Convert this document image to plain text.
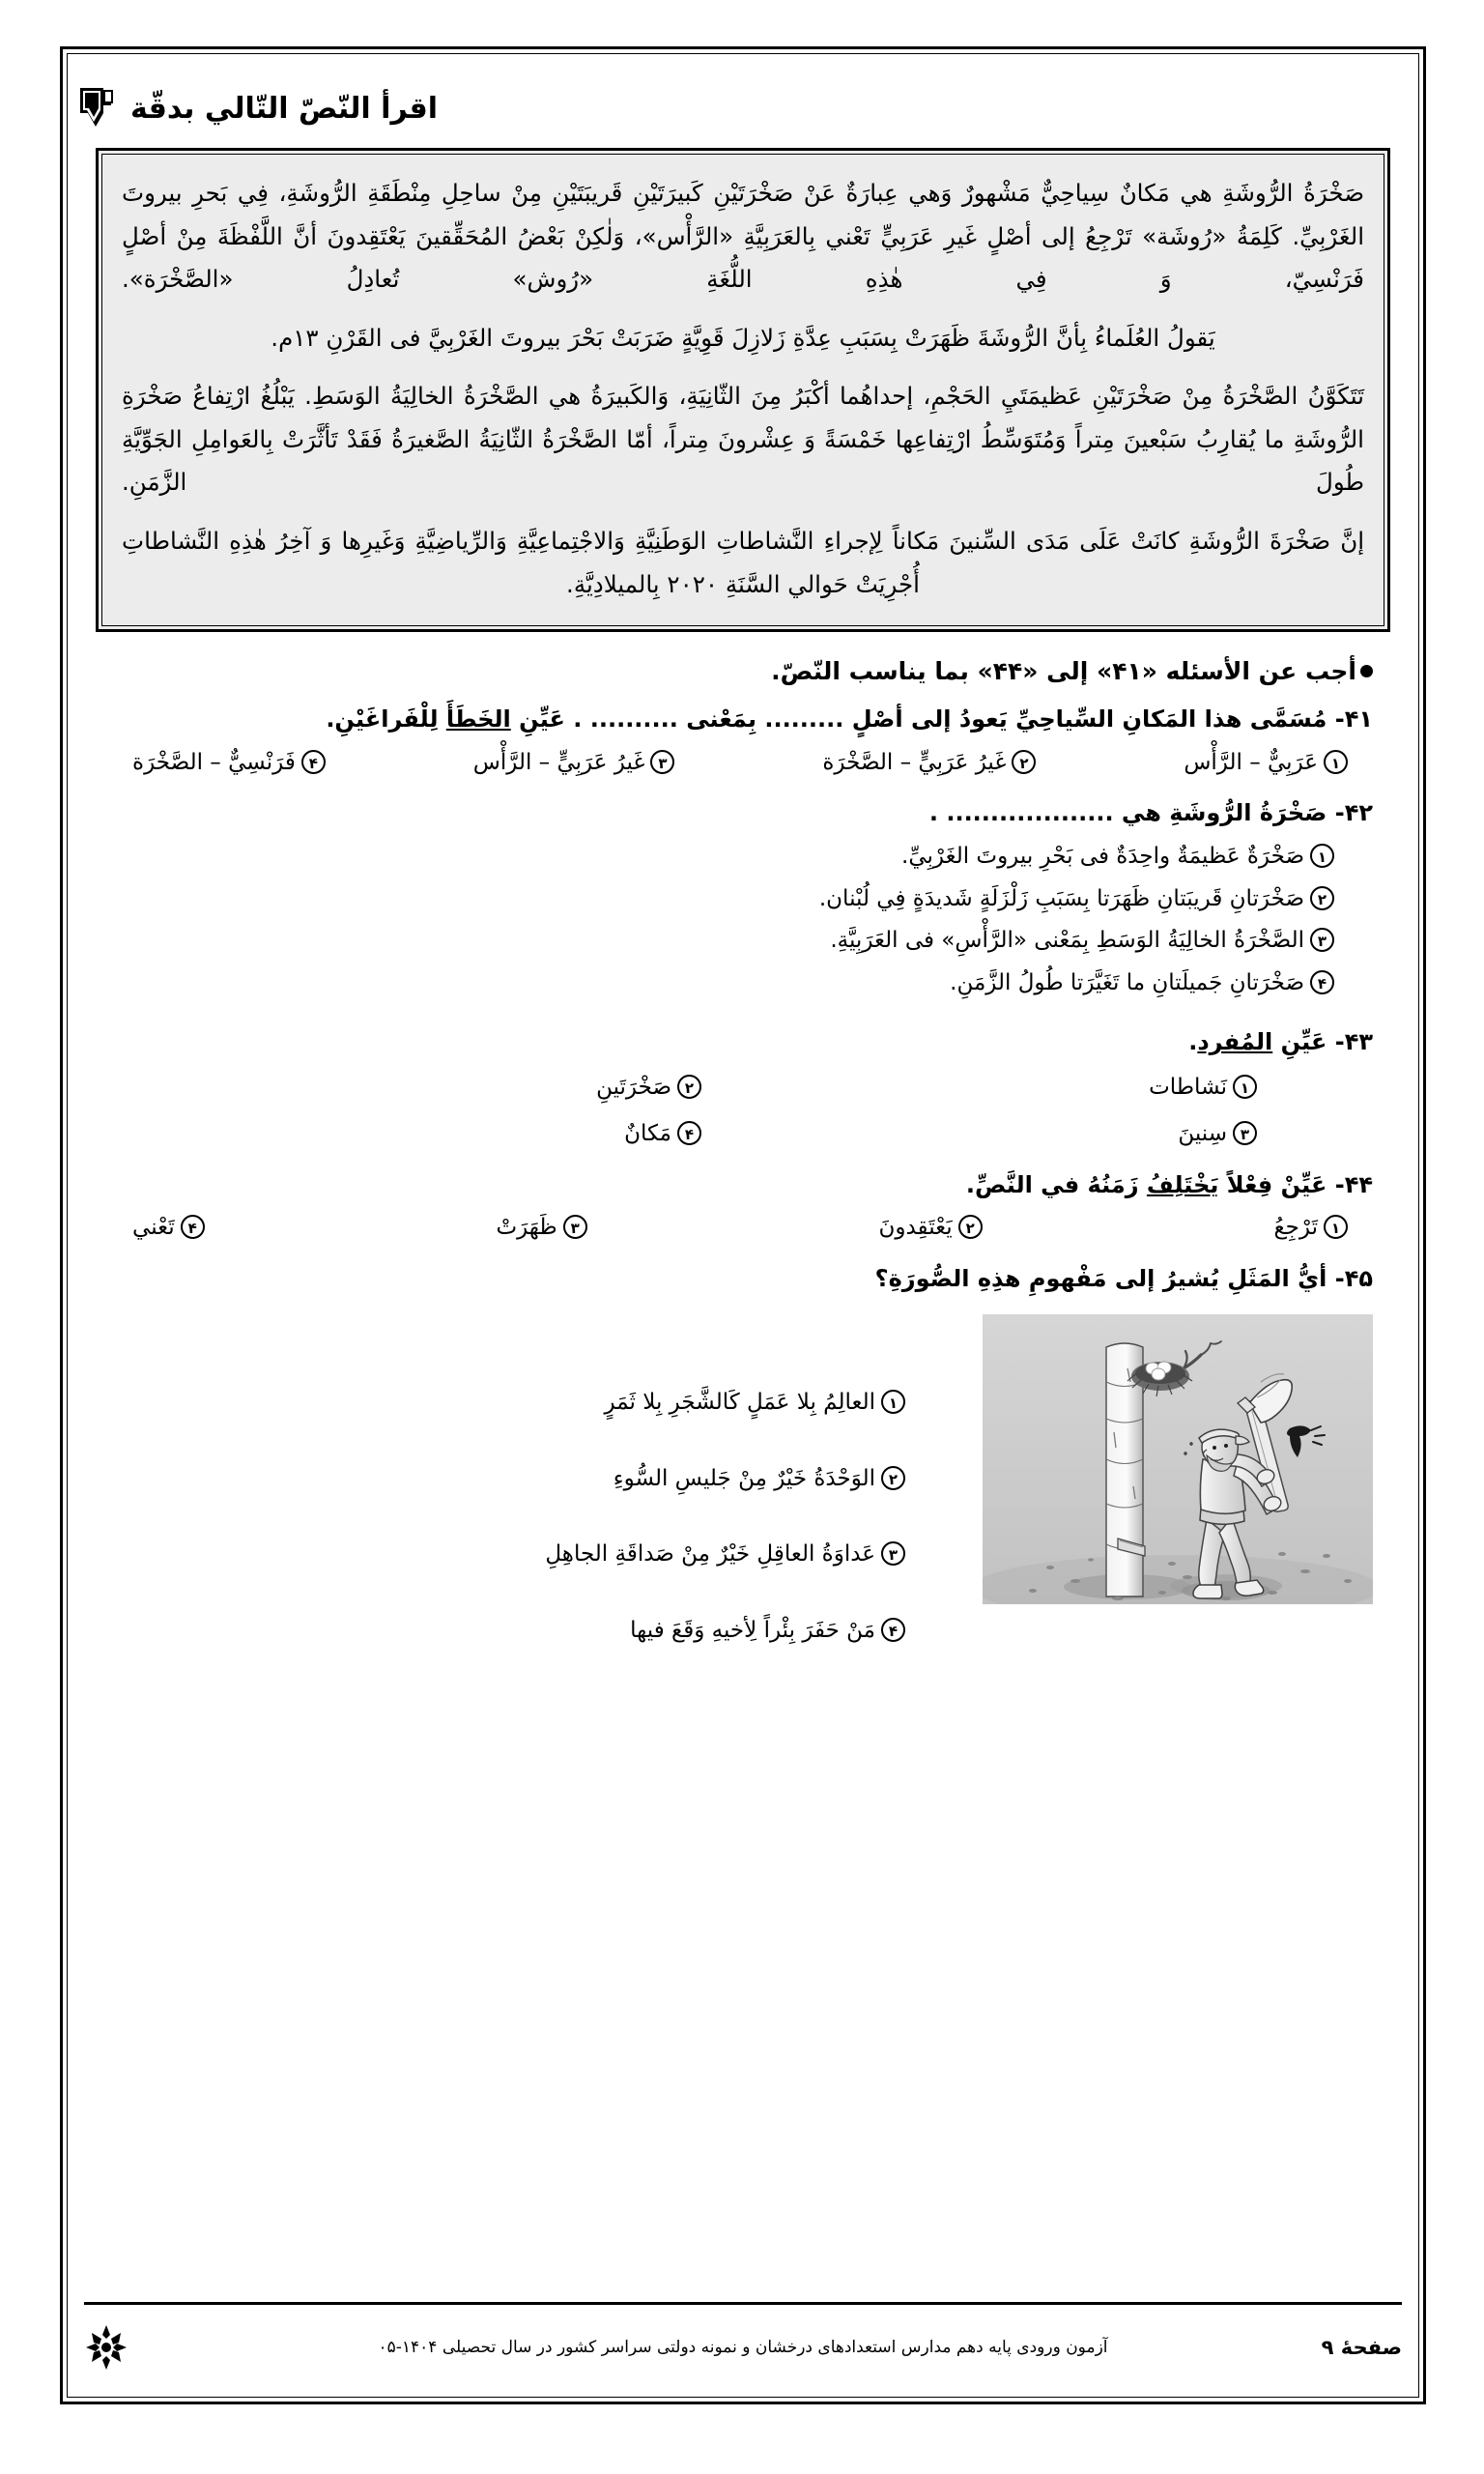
اقرأ النّصّ التّالي بدقّة

صَخْرَةُ الرُّوشَةِ هي مَكانٌ سِياحِيٌّ مَشْهورٌ وَهي عِبارَةٌ عَنْ صَخْرَتَيْنِ كَبيرَتَيْنِ قَريبَتَيْنِ مِنْ ساحِلِ مِنْطَقَةِ الرُّوشَةِ، فِي بَحرِ بيروتَ الغَرْبِيِّ. كَلِمَةُ «رُوشَة» تَرْجِعُ إلى أصْلٍ غَيرِ عَرَبِيٍّ تَعْني بِالعَرَبِيَّةِ «الرَّأْس»، وَلٰكِنْ بَعْضُ المُحَقِّقينَ يَعْتَقِدونَ أنَّ اللَّفْظَةَ مِنْ أصْلٍ فَرَنْسِيّ، وَ فِي هٰذِهِ اللُّغَةِ «رُوش» تُعادِلُ «الصَّخْرَة».

يَقولُ العُلَماءُ بِأنَّ الرُّوشَةَ ظَهَرَتْ بِسَبَبِ عِدَّةِ زَلازِلَ قَوِيَّةٍ ضَرَبَتْ بَحْرَ بيروتَ الغَرْبِيَّ فى القَرْنِ ۱۳م.

تَتَكَوَّنُ الصَّخْرَةُ مِنْ صَخْرَتَيْنِ عَظيمَتَيِ الحَجْمِ، إحداهُما أكْبَرُ مِنَ الثّانِيَةِ، وَالكَبيرَةُ هي الصَّخْرَةُ الخالِيَةُ الوَسَطِ. يَبْلُغُ ارْتِفاعُ صَخْرَةِ الرُّوشَةِ ما يُقارِبُ سَبْعينَ مِتراً وَمُتَوَسِّطُ ارْتِفاعِها خَمْسَةً وَ عِشْرونَ مِتراً، أمّا الصَّخْرَةُ الثّانِيَةُ الصَّغيرَةُ فَقَدْ تَأثَّرَتْ بِالعَوامِلِ الجَوِّيَّةِ طُولَ الزَّمَنِ.

إنَّ صَخْرَةَ الرُّوشَةِ كانَتْ عَلَى مَدَى السِّنينَ مَكاناً لِإجراءِ النَّشاطاتِ الوَطَنِيَّةِ وَالاجْتِماعِيَّةِ وَالرِّياضِيَّةِ وَغَيرِها وَ آخِرُ هٰذِهِ النَّشاطاتِ أُجْرِيَتْ حَوالي السَّنَةِ ۲۰۲۰ بِالميلادِيَّةِ.

أجب عن الأسئله «۴۱» إلى «۴۴» بما يناسب النّصّ.
۴۱- مُسَمَّى هذا المَكانِ السِّياحِيِّ يَعودُ إلى أصْلٍ ......... بِمَعْنى .......... . عَيِّنِ الخَطَأَ لِلْفَراغَيْنِ.
۱عَرَبِيٌّ – الرَّأْس
۲غَيرُ عَرَبِيٍّ – الصَّخْرَة
۳غَيرُ عَرَبِيٍّ – الرَّأْس
۴فَرَنْسِيٌّ – الصَّخْرَة
۴۲- صَخْرَةُ الرُّوشَةِ هي ................... .
۱صَخْرَةٌ عَظيمَةٌ واحِدَةٌ فى بَحْرِ بيروتَ الغَرْبِيِّ.
۲صَخْرَتانِ قَريبَتانِ ظَهَرَتا بِسَبَبِ زَلْزَلَةٍ شَديدَةٍ فِي لُبْنان.
۳الصَّخْرَةُ الخالِيَةُ الوَسَطِ بِمَعْنى «الرَّأْسِ» فى العَرَبِيَّةِ.
۴صَخْرَتانِ جَميلَتانِ ما تَغَيَّرَتا طُولُ الزَّمَنِ.
۴۳- عَيِّنِ المُفرد.
۱نَشاطات
۲صَخْرَتَينِ
۳سِنينَ
۴مَكانٌ
۴۴- عَيِّنْ فِعْلاً يَخْتَلِفُ زَمَنُهُ في النَّصِّ.
۱تَرْجِعُ
۲يَعْتَقِدونَ
۳ظَهَرَتْ
۴تَعْني
۴۵- أيُّ المَثَلِ يُشيرُ إلى مَفْهومِ هذِهِ الصُّورَةِ؟
۱العالِمُ بِلا عَمَلٍ كَالشَّجَرِ بِلا ثَمَرٍ
۲الوَحْدَةُ خَيْرٌ مِنْ جَليسِ السُّوءِ
۳عَداوَةُ العاقِلِ خَيْرٌ مِنْ صَداقَةِ الجاهِلِ
۴مَنْ حَفَرَ بِئْراً لِأخيهِ وَقَعَ فيها
آزمون ورودی پایه دهم مدارس استعدادهای درخشان و نمونه دولتی سراسر کشور در سال تحصیلی ۱۴۰۴-۰۵	صفحهٔ ۹
